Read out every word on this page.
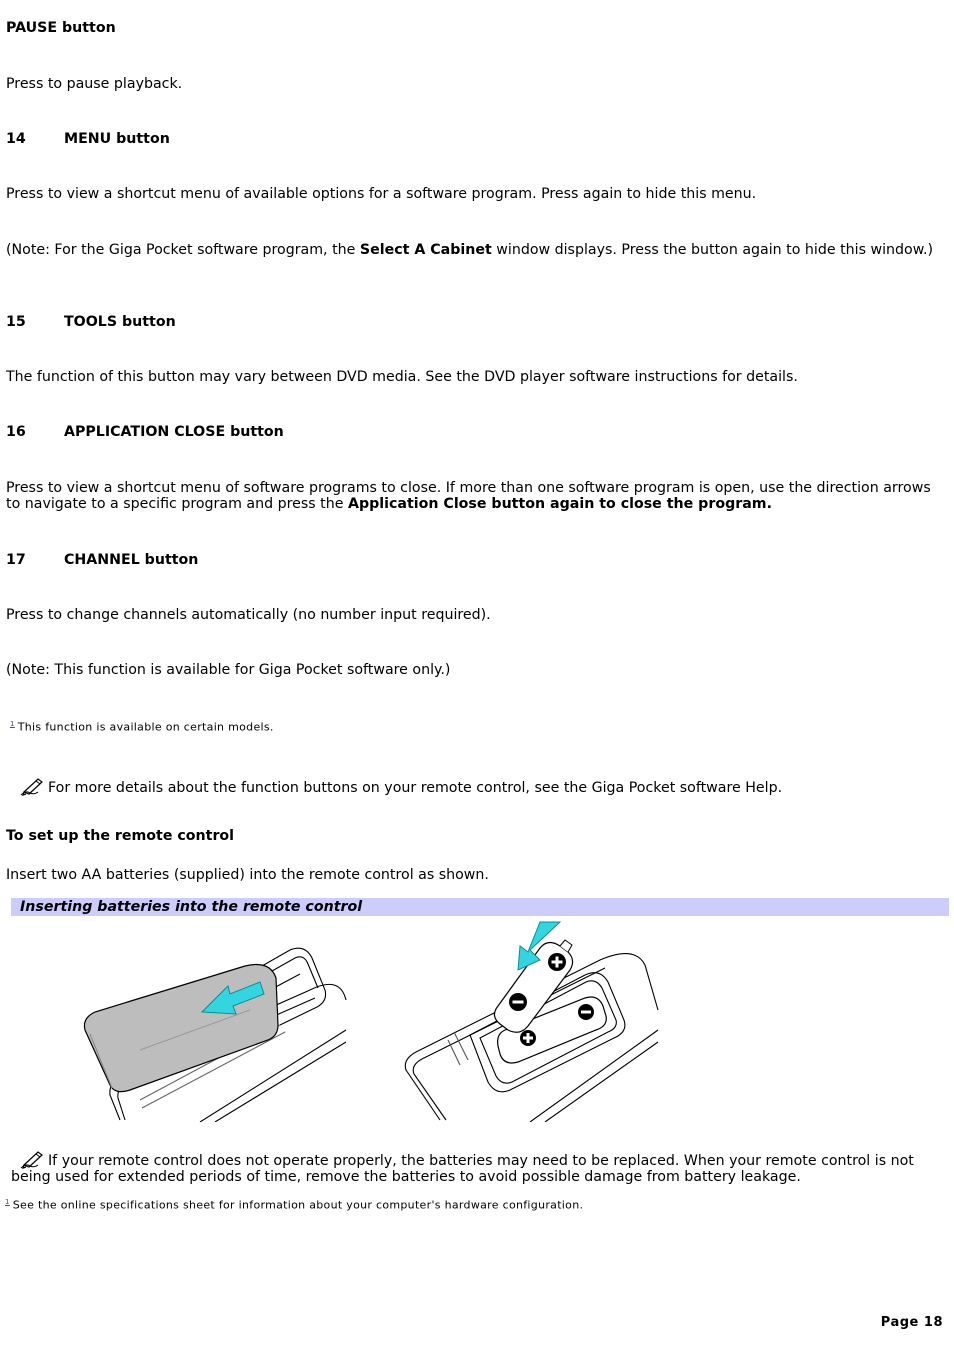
PAUSE button

Press to pause playback.

14	MENU button

Press to view a shortcut menu of available options for a software program. Press again to hide this menu.

(Note: For the Giga Pocket software program, the Select A Cabinet window displays. Press the button again to hide this window.)

15	TOOLS button

The function of this button may vary between DVD media. See the DVD player software instructions for details.

16	APPLICATION CLOSE button

Press to view a shortcut menu of software programs to close. If more than one software program is open, use the direction arrows to navigate to a specific program and press the Application Close button again to close the program.

17	CHANNEL button

Press to change channels automatically (no number input required).

(Note: This function is available for Giga Pocket software only.)

$^1$ This function is available on certain models.

For more details about the function buttons on your remote control, see the Giga Pocket software Help.

To set up the remote control

Insert two AA batteries (supplied) into the remote control as shown.

Inserting batteries into the remote control

If your remote control does not operate properly, the batteries may need to be replaced. When your remote control is not being used for extended periods of time, remove the batteries to avoid possible damage from battery leakage.

$^1$ See the online specifications sheet for information about your computer's hardware configuration.

Page 18
